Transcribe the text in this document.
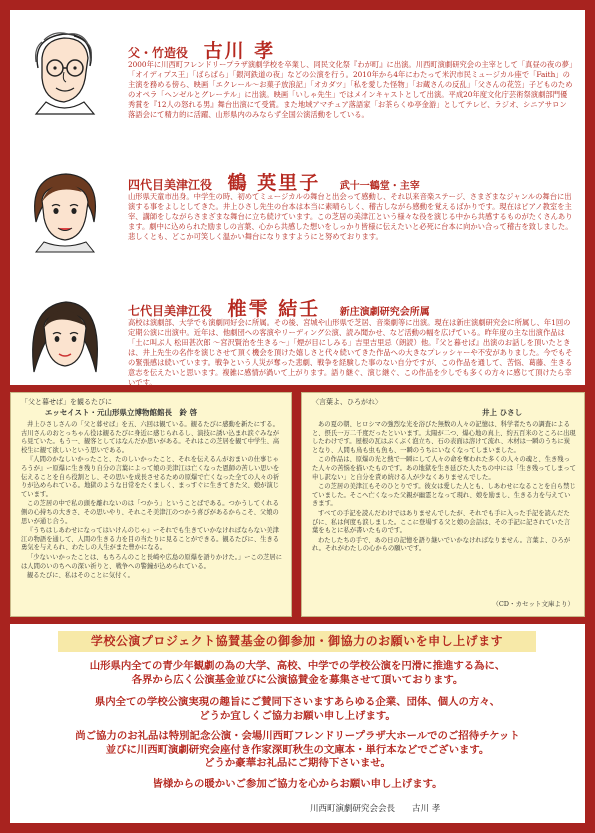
父・竹造役 古川 孝
2000年に川西町フレンドリープラザ演劇学校を卒業し、同民文化祭『わが町』に出演。川西町演劇研究会の主宰として「真昼の夜の夢」「オイディプス王」「ばらばら」「銀河鉄道の夜」などの公演を行う。2010年から4年にわたって米沢市民ミュージカル座で「Faith」の主演を務める傍ら、映画「エクレール～お菓子放浪記」「オカダツ」「私を愛した怪物」「お蔵さんの反乱」「父さんの花笠」子どものためのオペラ「ヘンゼルとグレーテル」に出演。映画「いしゃ先生」ではメインキャストとして出演。平成20年度文化庁芸術祭演劇部門優秀賞を『12人の怒れる男』舞台出演にて受賞。また地域アマチュア落語家「お茶らくゆ亭金游」としてテレビ、ラジオ、シニアサロン落語会にて精力的に活躍、山形県内のみならず全国公演活動をしている。
四代目美津江役 鶴 英里子 武十一鶴堂・主宰
山形県天童市出身。中学生の時、初めてミュージカルの舞台と出会って感動し、それ以来音楽ステージ、さまざまなジャンルの舞台に出演する事をよしとしてきた。井上ひさし先生の台本は本当に素晴らしく、稽古しながら感動を覚えるばかりです。現在はピアノ教室を主宰、講師をしながらさまざまな舞台に立ち続けています。この芝居の美津江という様々な役を演じる中から共感するものがたくさんあります。劇中に込められた励ましの言葉、心から共感した想いをしっかり皆様に伝えたいと必死に台本に向かい合って稽古を致しました。悲しくとも、どこか可笑しく温かい舞台になりますようにと努めております。
七代目美津江役 椎雫 結壬 新庄演劇研究会所属
高校は演劇部、大学でも演劇同好会に所属。その後、宮城や山形県で芝居、音楽劇等に出演。現在は新庄演劇研究会に所属し、年1回の定期公演に出演中。近年は、他劇団への客演やリーディング公演、読み聞かせ、など活動の幅を広げている。昨年度の主な出演作品は「土に叫ぶ人 松田甚次郎 ～宮沢賢治を生きる～」「煙が目にしみる」吉里吉里忌（朗読）他。『父と暮せば』出演のお話しを頂いたときは、井上先生の名作を演じさせて頂く機会を頂けた嬉しさと代々続いてきた作品への大きなプレッシャーや不安がありました。今でもその緊張感は続いています。戦争という人災が奪った悲劇、戦争を経験した事のない自分ですが、この作品を通して、苦悩、葛藤、生きる意志を伝えたいと思います。複雑に感情が渦いて上がります。語り継ぐ、演じ継ぐ、この作品を少しでも多くの方々に感じて頂けたら幸いです。
「父と暮せば」を観るたびに
エッセイスト・元山形県立博物館館長　鈴 啓

井上ひさしさんの「父と暮せば」を五、六回は観ている。観るたびに感動を新たにする。古川さんのおとっちゃん役は観るたびに身近に感じられるし、演技に誘い込まれ涙ぐみながら見ていた。もう一、観客としてはなんだか思いがある。それはこの芝居を観て中学生、高校生に観て欲しいという思いである。

『人間のかなしいかったこと、たのしいかったこと、それを伝えるんがおまいの仕事じゃろうが』ー原爆に生き残り自分の言葉によって娘の美津江は亡くなった恩師の苦しい思いを伝えることを自ら役割とし、その思いを成長させるための原爆で亡くなった全ての人々の祈りが込められている。地獄のような日常をたくましく、まっすぐに生きてきた父、娘が演じています。

この芝居の中で私の頭を離れないのは「つかう」ということばである。つかうしてくれる側の心持ちの大きさ、その思いやり、それこそ美津江のつかう喜びがあるからこそ、父娘の思いが通じ合う。

『うちはしあわせになってはいけんのじゃ』ーそれでも生きていかなければならない美津江の物語を通して、人間の生きる力を目の当たりに見ることができる。観るたびに、生きる勇気を与えられ、わたしの人生がまた豊かになる。

「少ないいかったことは、もちろんのこと長崎や広島の原爆を語りかけた。」ーこの芝居には人間のいのちへの深い祈りと、戦争への警鐘が込められている。

観るたびに、私はそのことに気付く。

〈言葉よ、ひろがれ〉
井上 ひさし

あの夏の朝、ヒロシマの強烈な光を浴びた無数の人々の記憶は、科学者たちの調査によると、摂氏一万二千度だったといいます。太陽が二つ、爆心地の真上、約五百米のところに出現したわけです。屋根の瓦はぶくぶく泡立ち、石の表面は溶けて流れ、木材は一瞬のうちに炭となり、人間も鳥も虫も魚も、一瞬のうちにいなくなってしまいました。

この作品は、原爆の光と熱で一瞬にして人々の命を奪われた多くの人々の魂と、生き残った人々の苦悩を描いたものです。あの地獄を生き延びた人たちの中には「生き残ってしまって申し訳ない」と自分を責め続ける人が少なくありませんでした。

この芝居の美津江もそのひとりです。彼女は愛した人とも、しあわせになることを自ら禁じていました。そこへ亡くなった父親が幽霊となって現れ、娘を励まし、生きる力を与えていきます。

すべての手記を読んだわけではありませんでしたが、それでも手に入った手記を読んだたびに、私は何度も涙しました。ここに登場する父と娘の会話は、その手記に記されていた言葉をもとに私が書いたものです。

わたしたちの手で、あの日の記憶を語り継いでいかなければなりません。言葉よ、ひろがれ。それがわたしの心からの願いです。

（CD・カセット文庫より）
学校公演プロジェクト協賛基金の御参加・御協力のお願いを申し上げます
山形県内全ての青少年観劇の為の大学、高校、中学での学校公演を円滑に推進する為に、
各界から広く公演基金並びに公演協賛金を募集させて頂いております。
県内全ての学校公演実現の趣旨にご賛同下さいますあらゆる企業、団体、個人の方々、
どうか宜しくご協力お願い申し上げます。
尚ご協力のお礼品は特別記念公演・会場川西町フレンドリープラザ大ホールでのご招待チケット
並びに川西町演劇研究会座付き作家深町秋生の文庫本・単行本などでございます。
どうか豪華お礼品にご期待下さいませ。
皆様からの暖かいご参加ご協力を心からお願い申し上げます。
川西町演劇研究会会長　　古川 孝
